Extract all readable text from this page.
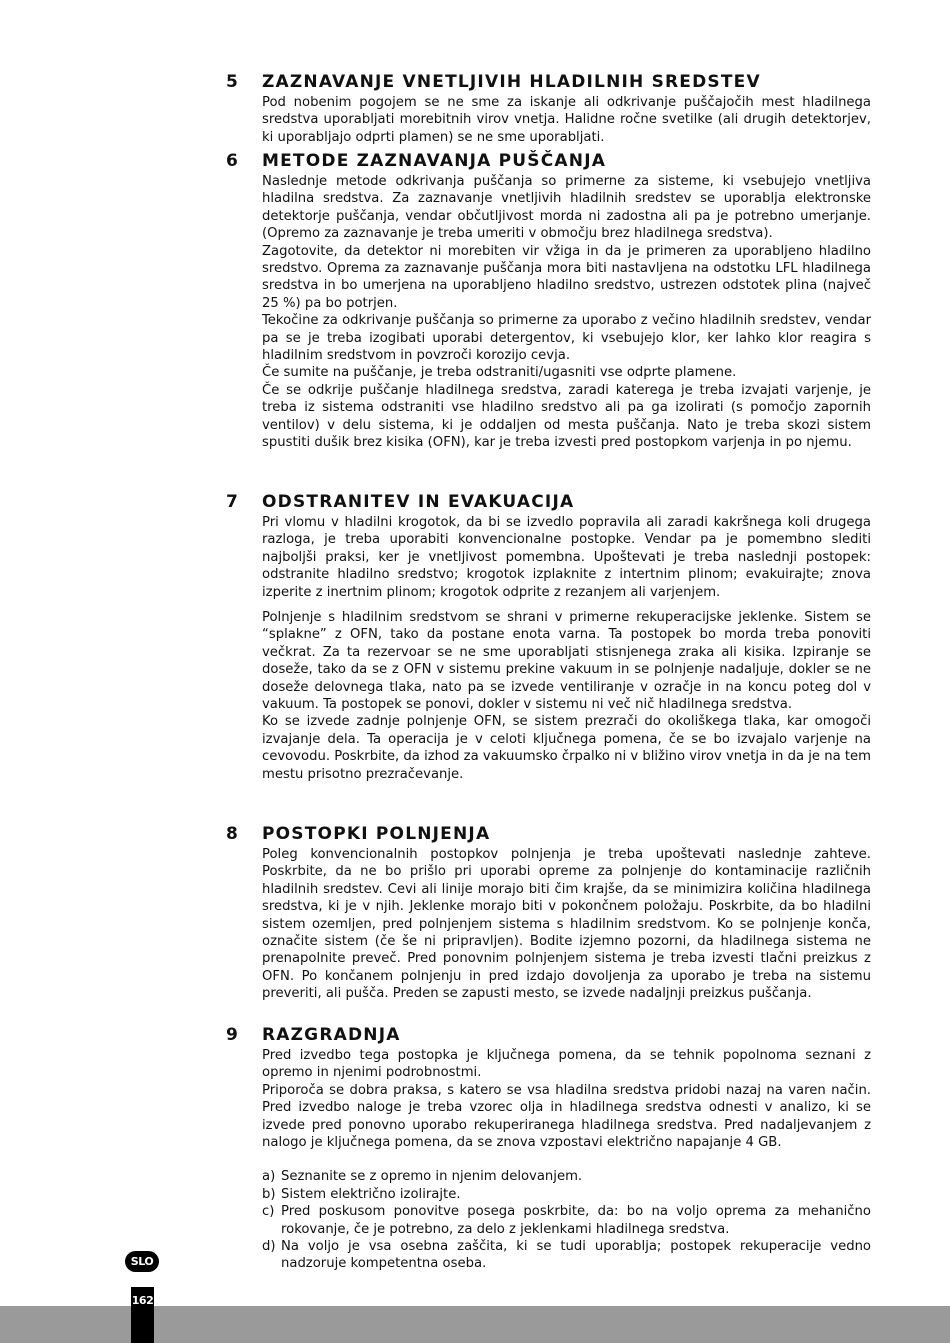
5	ZAZNAVANJE VNETLJIVIH HLADILNIH SREDSTEV

Pod nobenim pogojem se ne sme za iskanje ali odkrivanje puščajočih mest hladilnega sredstva uporabljati morebitnih virov vnetja. Halidne ročne svetilke (ali drugih detektorjev, ki uporabljajo odprti plamen) se ne sme uporabljati.

6	METODE ZAZNAVANJA PUŠČANJA

Naslednje metode odkrivanja puščanja so primerne za sisteme, ki vsebujejo vnetljiva hladilna sredstva. Za zaznavanje vnetljivih hladilnih sredstev se uporablja elektronske detektorje puščanja, vendar občutljivost morda ni zadostna ali pa je potrebno umerjanje. (Opremo za zaznavanje je treba umeriti v območju brez hladilnega sredstva).

Zagotovite, da detektor ni morebiten vir vžiga in da je primeren za uporabljeno hladilno sredstvo. Oprema za zaznavanje puščanja mora biti nastavljena na odstotku LFL hladilnega sredstva in bo umerjena na uporabljeno hladilno sredstvo, ustrezen odstotek plina (največ 25 %) pa bo potrjen.

Tekočine za odkrivanje puščanja so primerne za uporabo z večino hladilnih sredstev, vendar pa se je treba izogibati uporabi detergentov, ki vsebujejo klor, ker lahko klor reagira s hladilnim sredstvom in povzroči korozijo cevja.

Če sumite na puščanje, je treba odstraniti/ugasniti vse odprte plamene.

Če se odkrije puščanje hladilnega sredstva, zaradi katerega je treba izvajati varjenje, je treba iz sistema odstraniti vse hladilno sredstvo ali pa ga izolirati (s pomočjo zapornih ventilov) v delu sistema, ki je oddaljen od mesta puščanja. Nato je treba skozi sistem spustiti dušik brez kisika (OFN), kar je treba izvesti pred postopkom varjenja in po njemu.

7	ODSTRANITEV IN EVAKUACIJA

Pri vlomu v hladilni krogotok, da bi se izvedlo popravila ali zaradi kakršnega koli drugega razloga, je treba uporabiti konvencionalne postopke. Vendar pa je pomembno slediti najboljši praksi, ker je vnetljivost pomembna. Upoštevati je treba naslednji postopek: odstranite hladilno sredstvo; krogotok izplaknite z intertnim plinom; evakuirajte; znova izperite z inertnim plinom; krogotok odprite z rezanjem ali varjenjem.

Polnjenje s hladilnim sredstvom se shrani v primerne rekuperacijske jeklenke. Sistem se “splakne” z OFN, tako da postane enota varna. Ta postopek bo morda treba ponoviti večkrat. Za ta rezervoar se ne sme uporabljati stisnjenega zraka ali kisika. Izpiranje se doseže, tako da se z OFN v sistemu prekine vakuum in se polnjenje nadaljuje, dokler se ne doseže delovnega tlaka, nato pa se izvede ventiliranje v ozračje in na koncu poteg dol v vakuum. Ta postopek se ponovi, dokler v sistemu ni več nič hladilnega sredstva.

Ko se izvede zadnje polnjenje OFN, se sistem prezrači do okoliškega tlaka, kar omogoči izvajanje dela. Ta operacija je v celoti ključnega pomena, če se bo izvajalo varjenje na cevovodu. Poskrbite, da izhod za vakuumsko črpalko ni v bližino virov vnetja in da je na tem mestu prisotno prezračevanje.

8	POSTOPKI POLNJENJA

Poleg konvencionalnih postopkov polnjenja je treba upoštevati naslednje zahteve. Poskrbite, da ne bo prišlo pri uporabi opreme za polnjenje do kontaminacije različnih hladilnih sredstev. Cevi ali linije morajo biti čim krajše, da se minimizira količina hladilnega sredstva, ki je v njih. Jeklenke morajo biti v pokončnem položaju. Poskrbite, da bo hladilni sistem ozemljen, pred polnjenjem sistema s hladilnim sredstvom. Ko se polnjenje konča, označite sistem (če še ni pripravljen). Bodite izjemno pozorni, da hladilnega sistema ne prenapolnite preveč. Pred ponovnim polnjenjem sistema je treba izvesti tlačni preizkus z OFN. Po končanem polnjenju in pred izdajo dovoljenja za uporabo je treba na sistemu preveriti, ali pušča. Preden se zapusti mesto, se izvede nadaljnji preizkus puščanja.

9	RAZGRADNJA

Pred izvedbo tega postopka je ključnega pomena, da se tehnik popolnoma seznani z opremo in njenimi podrobnostmi.

Priporoča se dobra praksa, s katero se vsa hladilna sredstva pridobi nazaj na varen način. Pred izvedbo naloge je treba vzorec olja in hladilnega sredstva odnesti v analizo, ki se izvede pred ponovno uporabo rekuperiranega hladilnega sredstva. Pred nadaljevanjem z nalogo je ključnega pomena, da se znova vzpostavi električno napajanje 4 GB.

a) Seznanite se z opremo in njenim delovanjem.
b) Sistem električno izolirajte.
c) Pred poskusom ponovitve posega poskrbite, da: bo na voljo oprema za mehanično rokovanje, če je potrebno, za delo z jeklenkami hladilnega sredstva.
d) Na voljo je vsa osebna zaščita, ki se tudi uporablja; postopek rekuperacije vedno nadzoruje kompetentna oseba.
SLO
162
